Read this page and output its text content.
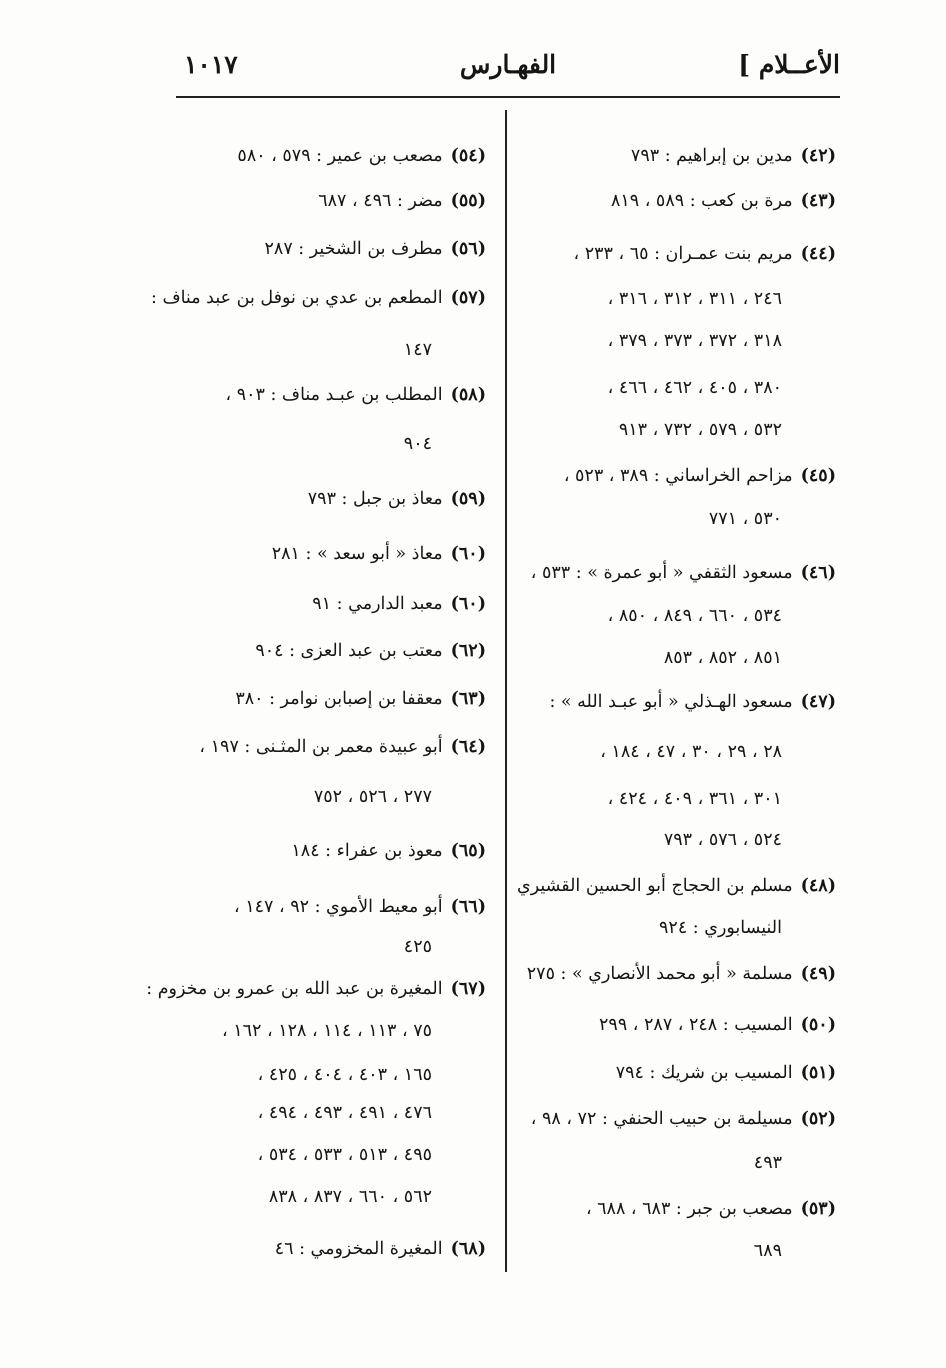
الأعــلام ]
الفهـارس
١٠١٧
(٤٢)مدين بن إبراهيم : ٧٩٣
(٤٣)مرة بن كعب : ٥٨٩ ، ٨١٩
(٤٤)مريم بنت عمـران : ٦٥ ، ٢٣٣ ،
٢٤٦ ، ٣١١ ، ٣١٢ ، ٣١٦ ،
٣١٨ ، ٣٧٢ ، ٣٧٣ ، ٣٧٩ ،
٣٨٠ ، ٤٠٥ ، ٤٦٢ ، ٤٦٦ ،
٥٣٢ ، ٥٧٩ ، ٧٣٢ ، ٩١٣
(٤٥)مزاحم الخراساني : ٣٨٩ ، ٥٢٣ ،
٥٣٠ ، ٧٧١
(٤٦)مسعود الثقفي « أبو عمرة » : ٥٣٣ ،
٥٣٤ ، ٦٦٠ ، ٨٤٩ ، ٨٥٠ ،
٨٥١ ، ٨٥٢ ، ٨٥٣
(٤٧)مسعود الهـذلي « أبو عبـد الله » :
٢٨ ، ٢٩ ، ٣٠ ، ٤٧ ، ١٨٤ ،
٣٠١ ، ٣٦١ ، ٤٠٩ ، ٤٢٤ ،
٥٢٤ ، ٥٧٦ ، ٧٩٣
(٤٨)مسلم بن الحجاج أبو الحسين القشيري
النيسابوري : ٩٢٤
(٤٩)مسلمة « أبو محمد الأنصاري » : ٢٧٥
(٥٠)المسيب : ٢٤٨ ، ٢٨٧ ، ٢٩٩
(٥١)المسيب بن شريك : ٧٩٤
(٥٢)مسيلمة بن حبيب الحنفي : ٧٢ ، ٩٨ ،
٤٩٣
(٥٣)مصعب بن جبر : ٦٨٣ ، ٦٨٨ ،
٦٨٩
(٥٤)مصعب بن عمير : ٥٧٩ ، ٥٨٠
(٥٥)مضر : ٤٩٦ ، ٦٨٧
(٥٦)مطرف بن الشخير : ٢٨٧
(٥٧)المطعم بن عدي بن نوفل بن عبد مناف :
١٤٧
(٥٨)المطلب بن عبـد مناف : ٩٠٣ ،
٩٠٤
(٥٩)معاذ بن جبل : ٧٩٣
(٦٠)معاذ « أبو سعد » : ٢٨١
(٦٠)معبد الدارمي : ٩١
(٦٢)معتب بن عبد العزى : ٩٠٤
(٦٣)معقفا بن إصبابن نوامر : ٣٨٠
(٦٤)أبو عبيدة معمر بن المثـنى : ١٩٧ ،
٢٧٧ ، ٥٢٦ ، ٧٥٢
(٦٥)معوذ بن عفراء : ١٨٤
(٦٦)أبو معيط الأموي : ٩٢ ، ١٤٧ ،
٤٢٥
(٦٧)المغيرة بن عبد الله بن عمرو بن مخزوم :
٧٥ ، ١١٣ ، ١١٤ ، ١٢٨ ، ١٦٢ ،
١٦٥ ، ٤٠٣ ، ٤٠٤ ، ٤٢٥ ،
٤٧٦ ، ٤٩١ ، ٤٩٣ ، ٤٩٤ ،
٤٩٥ ، ٥١٣ ، ٥٣٣ ، ٥٣٤ ،
٥٦٢ ، ٦٦٠ ، ٨٣٧ ، ٨٣٨
(٦٨)المغيرة المخزومي : ٤٦
